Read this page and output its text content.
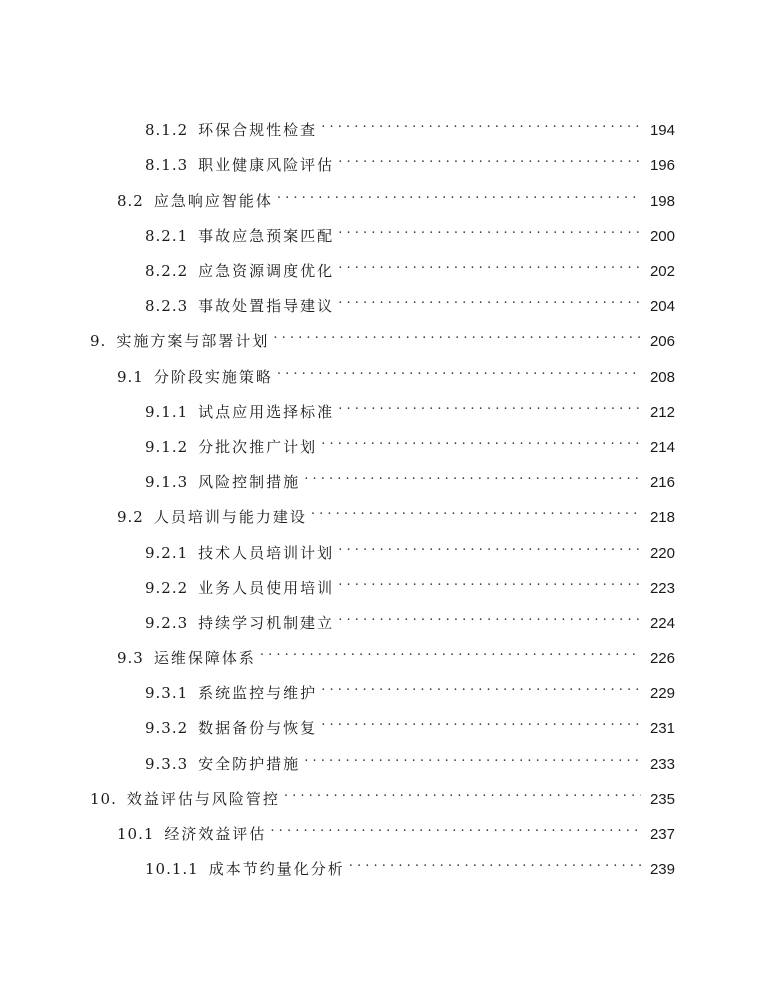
8.1.2 环保合规性检查 . . .	194
8.1.3 职业健康风险评估 . . .	196
8.2 应急响应智能体 . . .	198
8.2.1 事故应急预案匹配 . . .	200
8.2.2 应急资源调度优化 . . .	202
8.2.3 事故处置指导建议 . . .	204
9. 实施方案与部署计划 . . .	206
9.1 分阶段实施策略 . . .	208
9.1.1 试点应用选择标准 . . .	212
9.1.2 分批次推广计划 . . .	214
9.1.3 风险控制措施 . . .	216
9.2 人员培训与能力建设 . . .	218
9.2.1 技术人员培训计划 . . .	220
9.2.2 业务人员使用培训 . . .	223
9.2.3 持续学习机制建立 . . .	224
9.3 运维保障体系 . . .	226
9.3.1 系统监控与维护 . . .	229
9.3.2 数据备份与恢复 . . .	231
9.3.3 安全防护措施 . . .	233
10. 效益评估与风险管控 . . .	235
10.1 经济效益评估 . . .	237
10.1.1 成本节约量化分析 . . .	239
